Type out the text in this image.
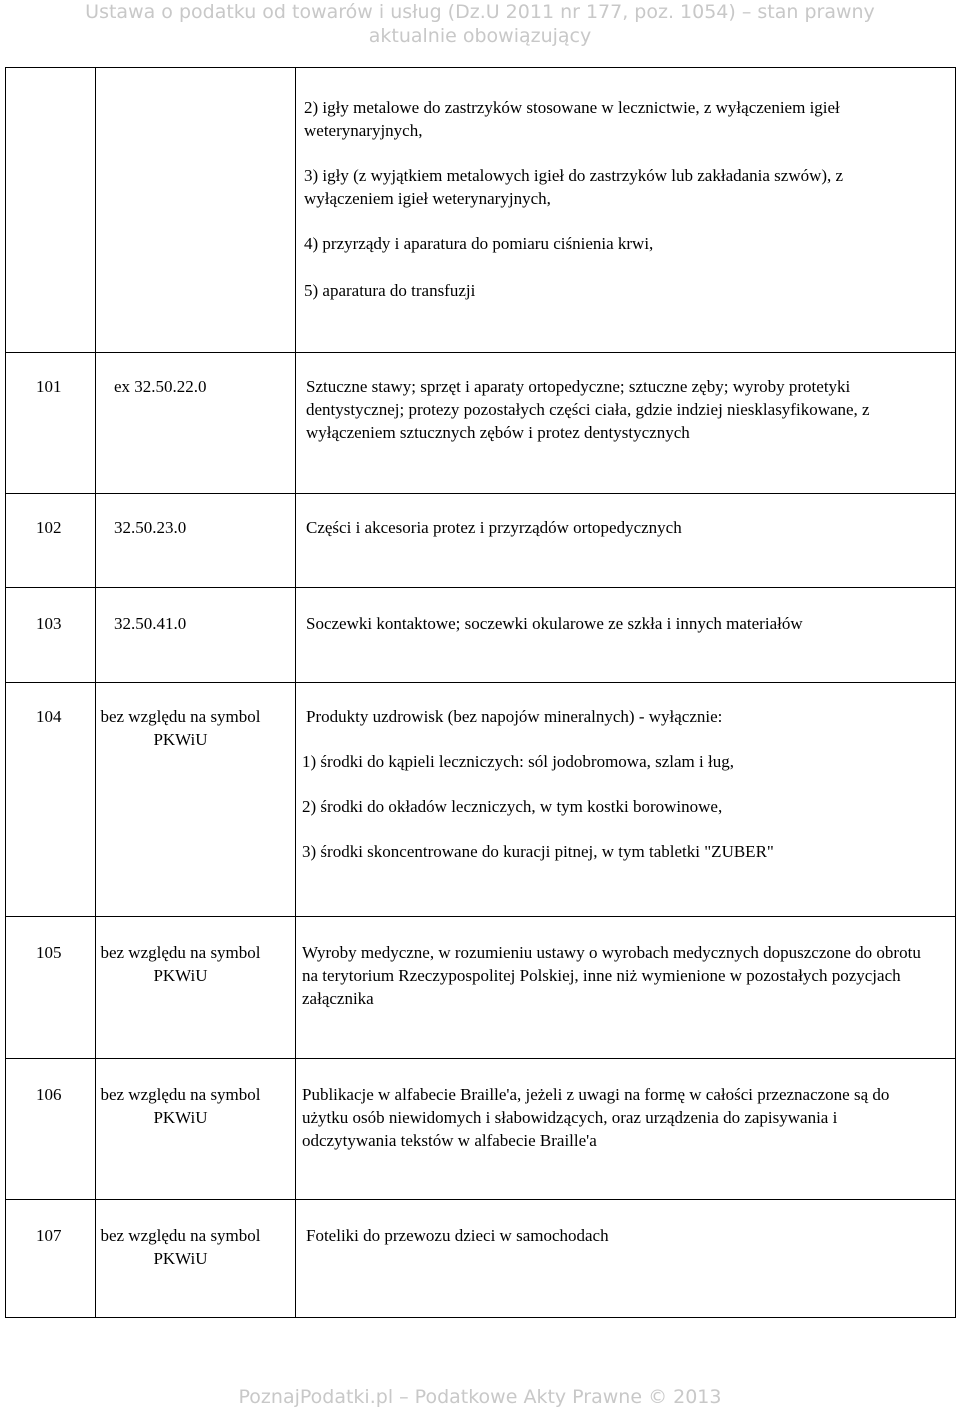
Ustawa o podatku od towarów i usług (Dz.U 2011 nr 177, poz. 1054) – stan prawny
aktualnie obowiązujący

		2) igły metalowe do zastrzyków stosowane w lecznictwie, z wyłączeniem igieł weterynaryjnych,

3) igły (z wyjątkiem metalowych igieł do zastrzyków lub zakładania szwów), z wyłączeniem igieł weterynaryjnych,

4) przyrządy i aparatura do pomiaru ciśnienia krwi,

5) aparatura do transfuzji

101	ex 32.50.22.0	Sztuczne stawy; sprzęt i aparaty ortopedyczne; sztuczne zęby; wyroby protetyki dentystycznej; protezy pozostałych części ciała, gdzie indziej niesklasyfikowane, z wyłączeniem sztucznych zębów i protez dentystycznych
102	32.50.23.0	Części i akcesoria protez i przyrządów ortopedycznych
103	32.50.41.0	Soczewki kontaktowe; soczewki okularowe ze szkła i innych materiałów
104	bez względu na symbol PKWiU	Produkty uzdrowisk (bez napojów mineralnych) - wyłącznie:
1) środki do kąpieli leczniczych: sól jodobromowa, szlam i ług,
2) środki do okładów leczniczych, w tym kostki borowinowe,
3) środki skoncentrowane do kuracji pitnej, w tym tabletki "ZUBER"

105	bez względu na symbol PKWiU	Wyroby medyczne, w rozumieniu ustawy o wyrobach medycznych dopuszczone do obrotu na terytorium Rzeczypospolitej Polskiej, inne niż wymienione w pozostałych pozycjach załącznika
106	bez względu na symbol PKWiU	Publikacje w alfabecie Braille'a, jeżeli z uwagi na formę w całości przeznaczone są do użytku osób niewidomych i słabowidzących, oraz urządzenia do zapisywania i odczytywania tekstów w alfabecie Braille'a
107	bez względu na symbol PKWiU	Foteliki do przewozu dzieci w samochodach
PoznajPodatki.pl – Podatkowe Akty Prawne © 2013
